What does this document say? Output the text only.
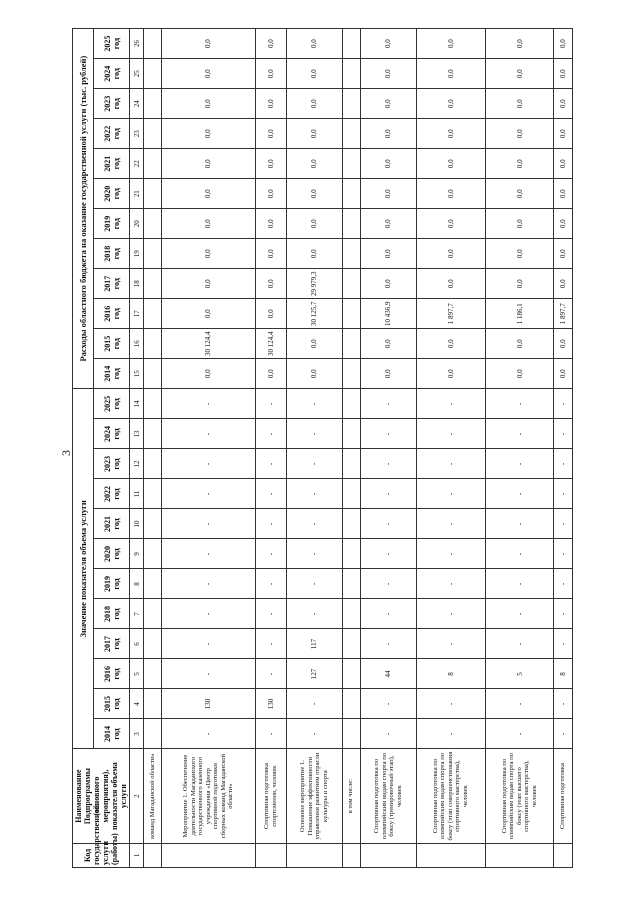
3
Код государственной услуги (работы)	Наименование Подпрограммы (основного мероприятия), показателя объема услуги	Значение показателя объема услуги												Расходы областного бюджета на оказание государственной услуги (тыс. рублей)											
		2014 год	2015 год	2016 год	2017 год	2018 год	2019 год	2020 год	2021 год	2022 год	2023 год	2024 год	2025 год	2014 год	2015 год	2016 год	2017 год	2018 год	2019 год	2020 год	2021 год	2022 год	2023 год	2024 год	2025 год
1	2	3	4	5	6	7	8	9	10	11	12	13	14	15	16	17	18	19	20	21	22	23	24	25	26
	команд Магаданской области»																								
	Мероприятие 1. Обеспечение деятельности Магаданского государственного казенного учреждения «Центр спортивной подготовки сборных команд Магаданской области»	-	130	-	-	-	-	-	-	-	-	-	-	0,0	30 124,4	0,0	0,0	0,0	0,0	0,0	0,0	0,0	0,0	0,0	0,0
	Спортивная подготовка спортсменов, человек	-	130	-	-	-	-	-	-	-	-	-	-	0,0	30 124,4	0,0	0,0	0,0	0,0	0,0	0,0	0,0	0,0	0,0	0,0
	Основное мероприятие 1. Повышение эффективности управления развитием отрасли культуры и спорта	-	-	127	117	-	-	-	-	-	-	-	-	0,0	0,0	30 125,7	29 979,3	0,0	0,0	0,0	0,0	0,0	0,0	0,0	0,0
	в том числе:																								
	Спортивная подготовка по олимпийским видам спорта по боксу (тренировочный этап), человек	-	-	44	-	-	-	-	-	-	-	-	-	0,0	0,0	10 436,9	0,0	0,0	0,0	0,0	0,0	0,0	0,0	0,0	0,0
	Спортивная подготовка по олимпийским видам спорта по боксу (этап совершенствования спортивного мастерства), человек	-	-	8	-	-	-	-	-	-	-	-	-	0,0	0,0	1 897,7	0,0	0,0	0,0	0,0	0,0	0,0	0,0	0,0	0,0
	Спортивная подготовка по олимпийским видам спорта по боксу (этап высшего спортивного мастерства), человек	-	-	5	-	-	-	-	-	-	-	-	-	0,0	0,0	1 186,1	0,0	0,0	0,0	0,0	0,0	0,0	0,0	0,0	0,0
	Спортивная подготовка	-	-	8	-	-	-	-	-	-	-	-	-	0,0	0,0	1 897,7	0,0	0,0	0,0	0,0	0,0	0,0	0,0	0,0	0,0
